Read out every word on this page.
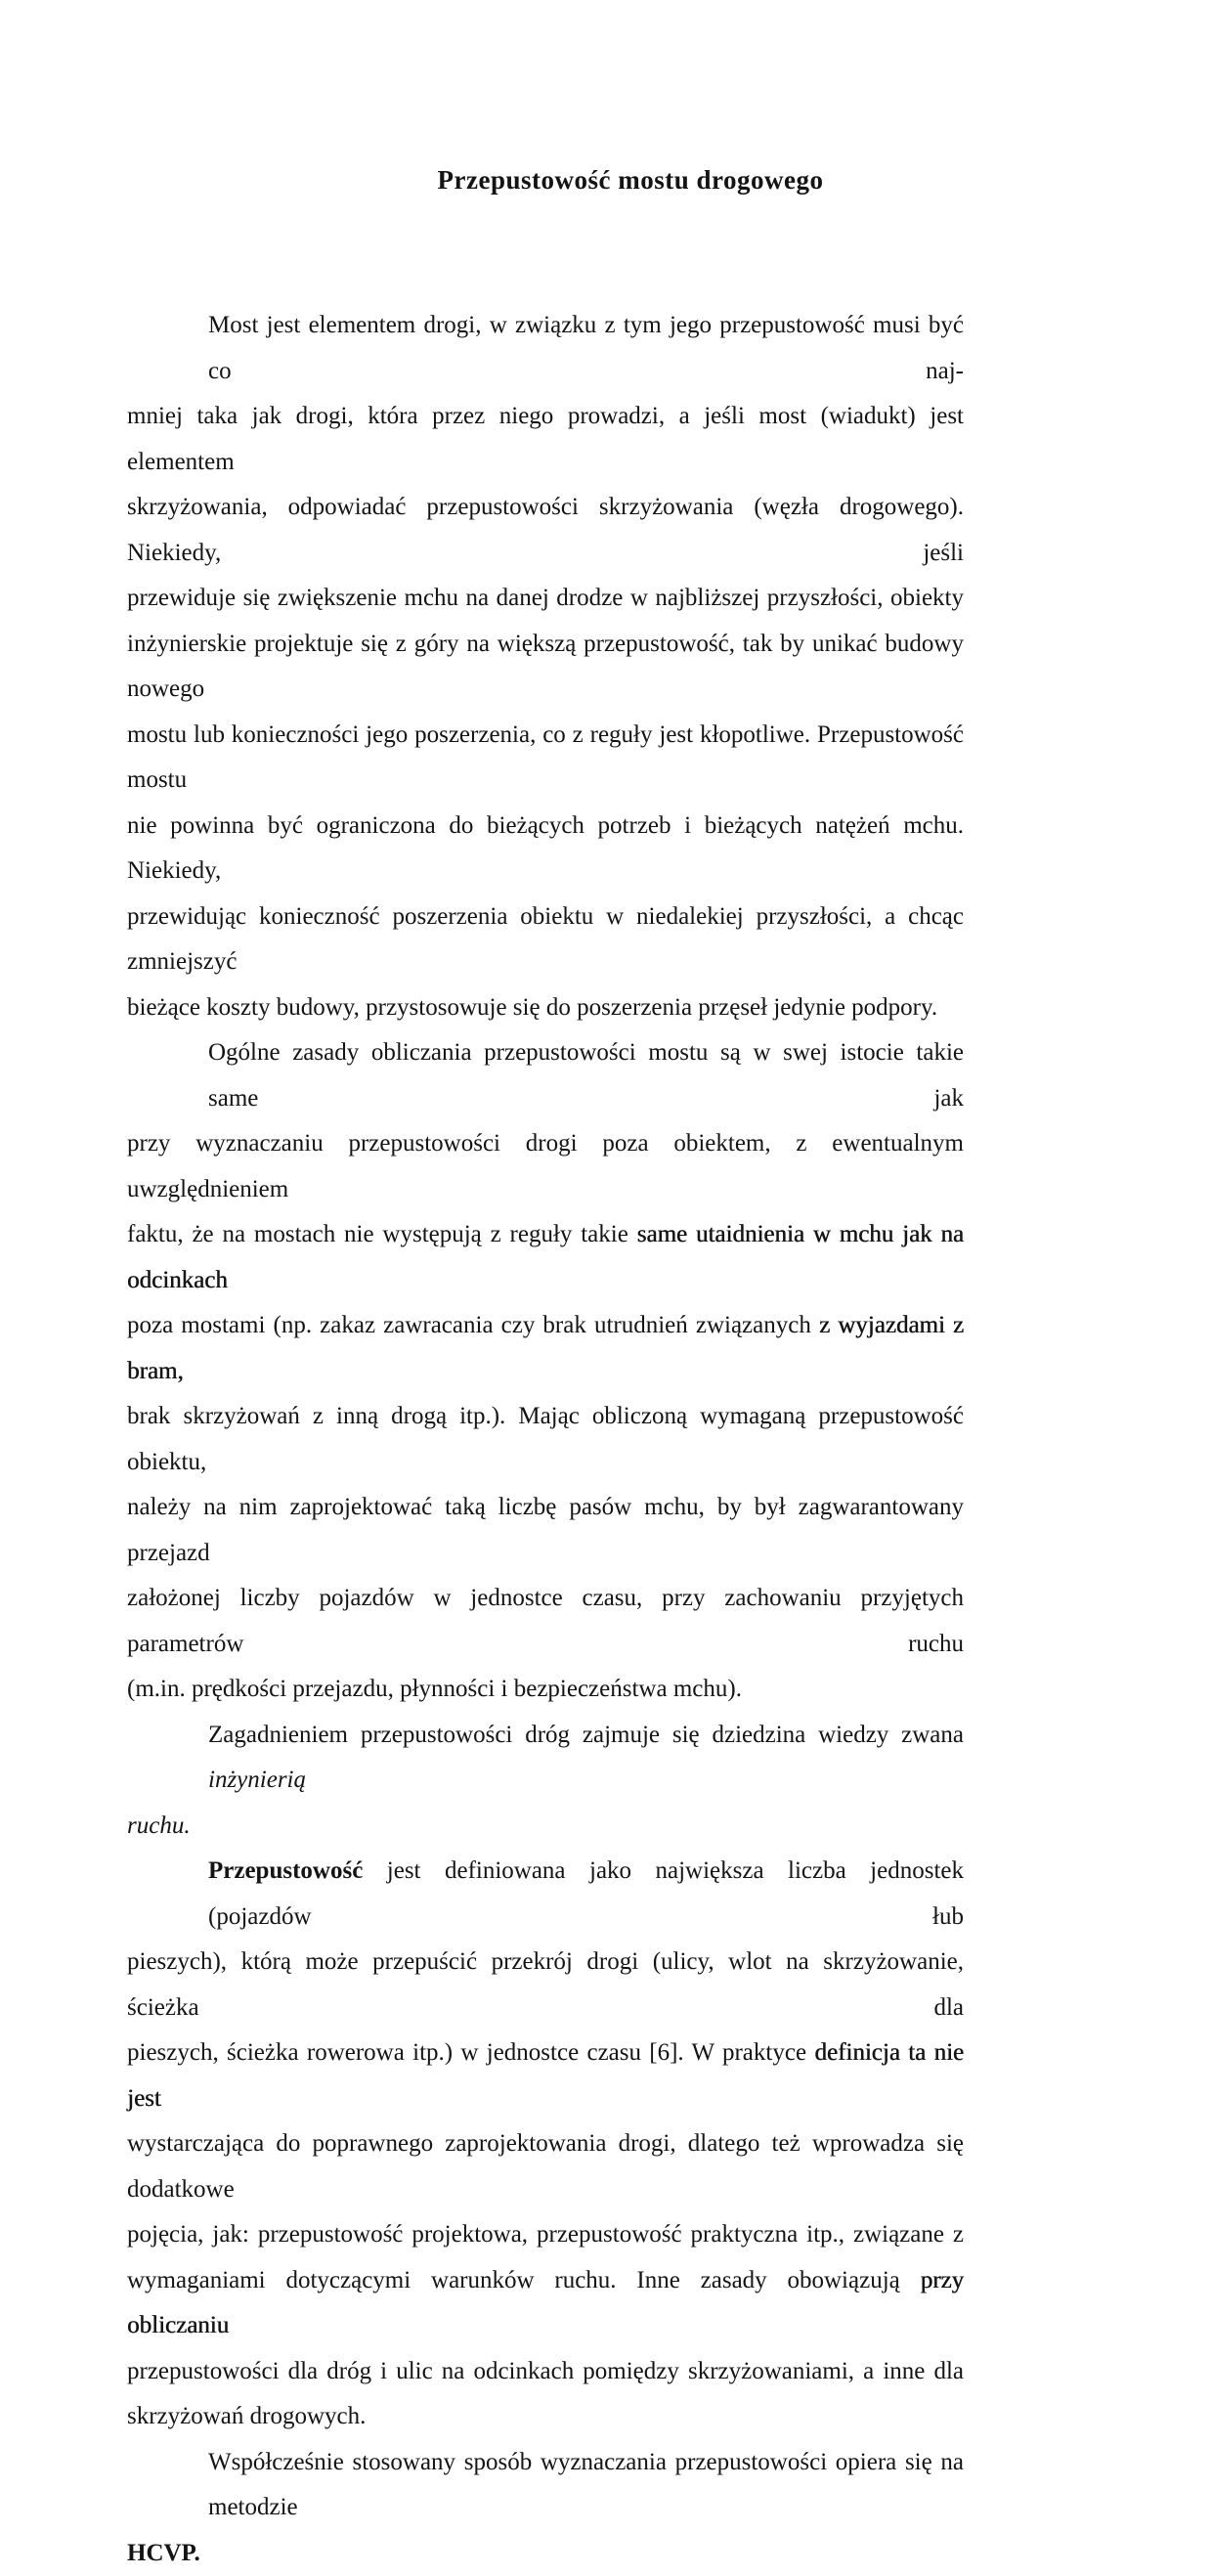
Przepustowość mostu drogowego
Most jest elementem drogi, w związku z tym jego przepustowość musi być co naj-
mniej taka jak drogi, która przez niego prowadzi, a jeśli most (wiadukt) jest elementem
skrzyżowania, odpowiadać przepustowości skrzyżowania (węzła drogowego). Niekiedy, jeśli
przewiduje się zwiększenie mchu na danej drodze w najbliższej przyszłości, obiekty
inżynierskie projektuje się z góry na większą przepustowość, tak by unikać budowy nowego
mostu lub konieczności jego poszerzenia, co z reguły jest kłopotliwe. Przepustowość mostu
nie powinna być ograniczona do bieżących potrzeb i bieżących natężeń mchu. Niekiedy,
przewidując konieczność poszerzenia obiektu w niedalekiej przyszłości, a chcąc zmniejszyć
bieżące koszty budowy, przystosowuje się do poszerzenia przęseł jedynie podpory.
Ogólne zasady obliczania przepustowości mostu są w swej istocie takie same jak
przy wyznaczaniu przepustowości drogi poza obiektem, z ewentualnym uwzględnieniem
faktu, że na mostach nie występują z reguły takie same utaidnienia w mchu jak na odcinkach
poza mostami (np. zakaz zawracania czy brak utrudnień związanych z wyjazdami z bram,
brak skrzyżowań z inną drogą itp.). Mając obliczoną wymaganą przepustowość obiektu,
należy na nim zaprojektować taką liczbę pasów mchu, by był zagwarantowany przejazd
założonej liczby pojazdów w jednostce czasu, przy zachowaniu przyjętych parametrów ruchu
(m.in. prędkości przejazdu, płynności i bezpieczeństwa mchu).
Zagadnieniem przepustowości dróg zajmuje się dziedzina wiedzy zwana inżynierią
ruchu.
Przepustowość jest definiowana jako największa liczba jednostek (pojazdów łub
pieszych), którą może przepuścić przekrój drogi (ulicy, wlot na skrzyżowanie, ścieżka dla
pieszych, ścieżka rowerowa itp.) w jednostce czasu [6]. W praktyce definicja ta nie jest
wystarczająca do poprawnego zaprojektowania drogi, dlatego też wprowadza się dodatkowe
pojęcia, jak: przepustowość projektowa, przepustowość praktyczna itp., związane z
wymaganiami dotyczącymi warunków ruchu. Inne zasady obowiązują przy obliczaniu
przepustowości dla dróg i ulic na odcinkach pomiędzy skrzyżowaniami, a inne dla
skrzyżowań drogowych.
Współcześnie stosowany sposób wyznaczania przepustowości opiera się na metodzie
HCVP.
